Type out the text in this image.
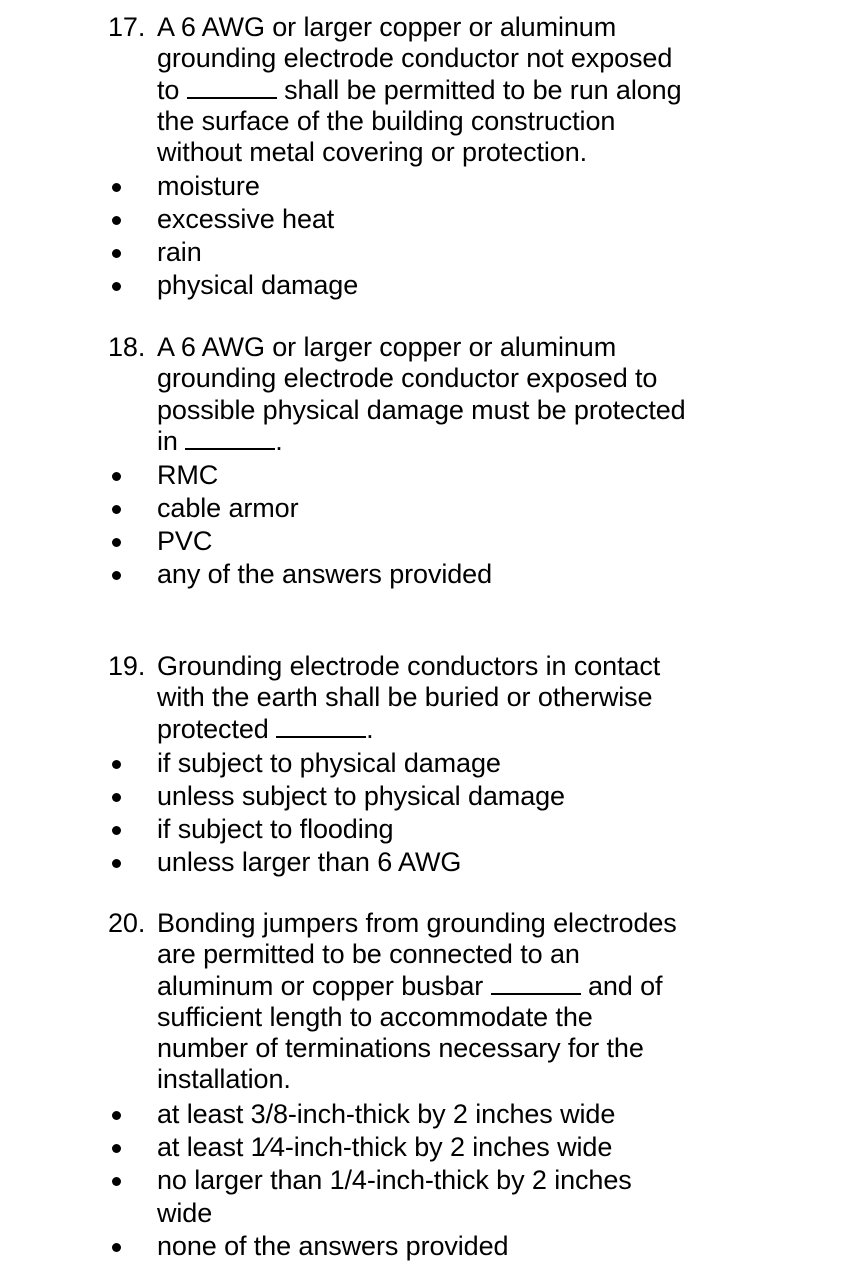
17. A 6 AWG or larger copper or aluminum
grounding electrode conductor not exposed
to	shall be permitted to be run along
the surface of the building construction
without metal covering or protection.
moisture
excessive heat
rain
physical damage
18. A 6 AWG or larger copper or aluminum
grounding electrode conductor exposed to
possible physical damage must be protected
in	.
RMC
cable armor
PVC
any of the answers provided
19. Grounding electrode conductors in contact
with the earth shall be buried or otherwise
protected	.
if subject to physical damage
unless subject to physical damage
if subject to flooding
unless larger than 6 AWG
20. Bonding jumpers from grounding electrodes
are permitted to be connected to an
aluminum or copper busbar	and of
sufficient length to accommodate the
number of terminations necessary for the
installation.
at least 3/8-inch-thick by 2 inches wide
at least 1⁄4-inch-thick by 2 inches wide
no larger than 1/4-inch-thick by 2 inches wide
none of the answers provided
